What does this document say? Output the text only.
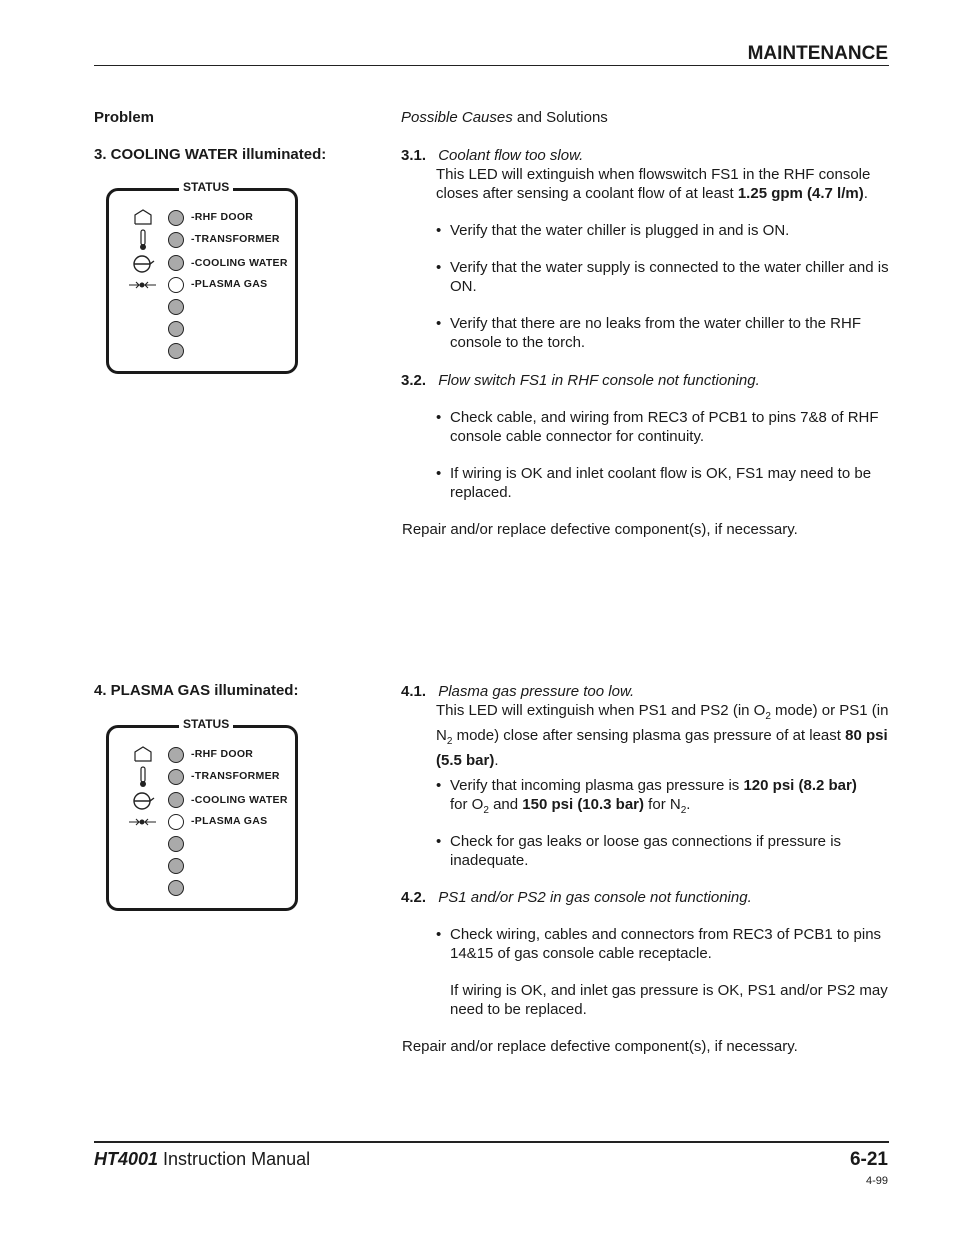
MAINTENANCE
Problem	Possible Causes and Solutions
3. COOLING WATER illuminated:
STATUS
-RHF DOOR
-TRANSFORMER
-COOLING WATER
-PLASMA GAS
3.1. Coolant flow too slow.
This LED will extinguish when flowswitch FS1 in the RHF console closes after sensing a coolant flow of at least 1.25 gpm (4.7 l/m).
• Verify that the water chiller is plugged in and is ON.
• Verify that the water supply is connected to the water chiller and is ON.
• Verify that there are no leaks from the water chiller to the RHF console to the torch.
3.2. Flow switch FS1 in RHF console not functioning.
• Check cable, and wiring from REC3 of PCB1 to pins 7&8 of RHF console cable connector for continuity.
• If wiring is OK and inlet coolant flow is OK, FS1 may need to be replaced.
Repair and/or replace defective component(s), if necessary.
4. PLASMA GAS illuminated:
STATUS
-RHF DOOR
-TRANSFORMER
-COOLING WATER
-PLASMA GAS
4.1. Plasma gas pressure too low.
This LED will extinguish when PS1 and PS2 (in $O_2$ mode) or PS1 (in $N_2$ mode) close after sensing plasma gas pressure of at least 80 psi (5.5 bar).
• Verify that incoming plasma gas pressure is 120 psi (8.2 bar)
for $O_2$ and 150 psi (10.3 bar) for $N_2$.
• Check for gas leaks or loose gas connections if pressure is inadequate.
4.2. PS1 and/or PS2 in gas console not functioning.
• Check wiring, cables and connectors from REC3 of PCB1 to pins 14&15 of gas console cable receptacle.
If wiring is OK, and inlet gas pressure is OK, PS1 and/or PS2 may need to be replaced.
Repair and/or replace defective component(s), if necessary.
HT4001 Instruction Manual	6-21
4-99
